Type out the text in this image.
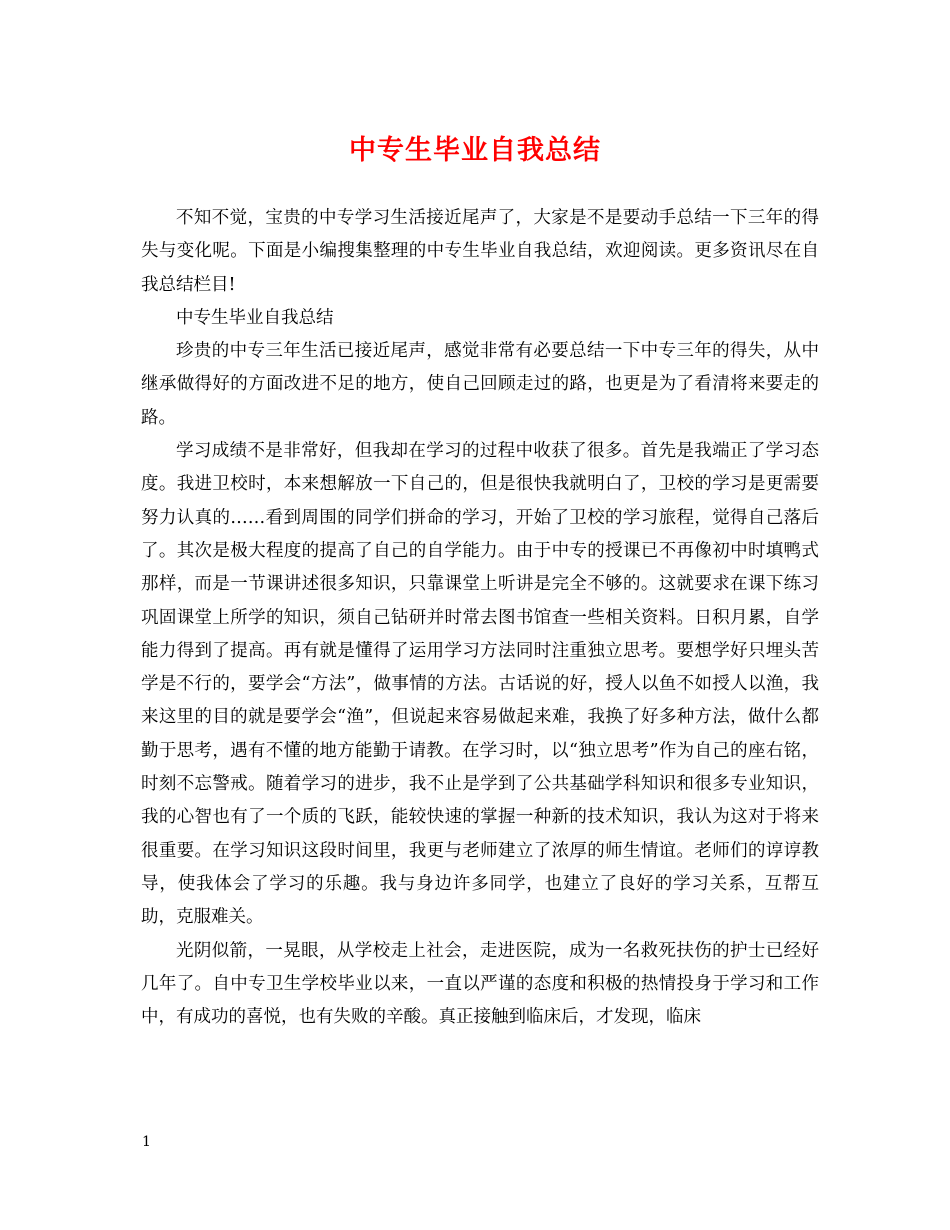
中专生毕业自我总结

不知不觉，宝贵的中专学习生活接近尾声了，大家是不是要动手总结一下三年的得失与变化呢。下面是小编搜集整理的中专生毕业自我总结，欢迎阅读。更多资讯尽在自我总结栏目!

中专生毕业自我总结

珍贵的中专三年生活已接近尾声，感觉非常有必要总结一下中专三年的得失，从中继承做得好的方面改进不足的地方，使自己回顾走过的路，也更是为了看清将来要走的路。

学习成绩不是非常好，但我却在学习的过程中收获了很多。首先是我端正了学习态度。我进卫校时，本来想解放一下自己的，但是很快我就明白了，卫校的学习是更需要努力认真的……看到周围的同学们拼命的学习，开始了卫校的学习旅程，觉得自己落后了。其次是极大程度的提高了自己的自学能力。由于中专的授课已不再像初中时填鸭式那样，而是一节课讲述很多知识，只靠课堂上听讲是完全不够的。这就要求在课下练习巩固课堂上所学的知识，须自己钻研并时常去图书馆查一些相关资料。日积月累，自学能力得到了提高。再有就是懂得了运用学习方法同时注重独立思考。要想学好只埋头苦学是不行的，要学会“方法”，做事情的方法。古话说的好，授人以鱼不如授人以渔，我来这里的目的就是要学会“渔”，但说起来容易做起来难，我换了好多种方法，做什么都勤于思考，遇有不懂的地方能勤于请教。在学习时，以“独立思考”作为自己的座右铭，时刻不忘警戒。随着学习的进步，我不止是学到了公共基础学科知识和很多专业知识，我的心智也有了一个质的飞跃，能较快速的掌握一种新的技术知识，我认为这对于将来很重要。在学习知识这段时间里，我更与老师建立了浓厚的师生情谊。老师们的谆谆教导，使我体会了学习的乐趣。我与身边许多同学，也建立了良好的学习关系，互帮互助，克服难关。

光阴似箭，一晃眼，从学校走上社会，走进医院，成为一名救死扶伤的护士已经好几年了。自中专卫生学校毕业以来，一直以严谨的态度和积极的热情投身于学习和工作中，有成功的喜悦，也有失败的辛酸。真正接触到临床后，才发现，临床

1
